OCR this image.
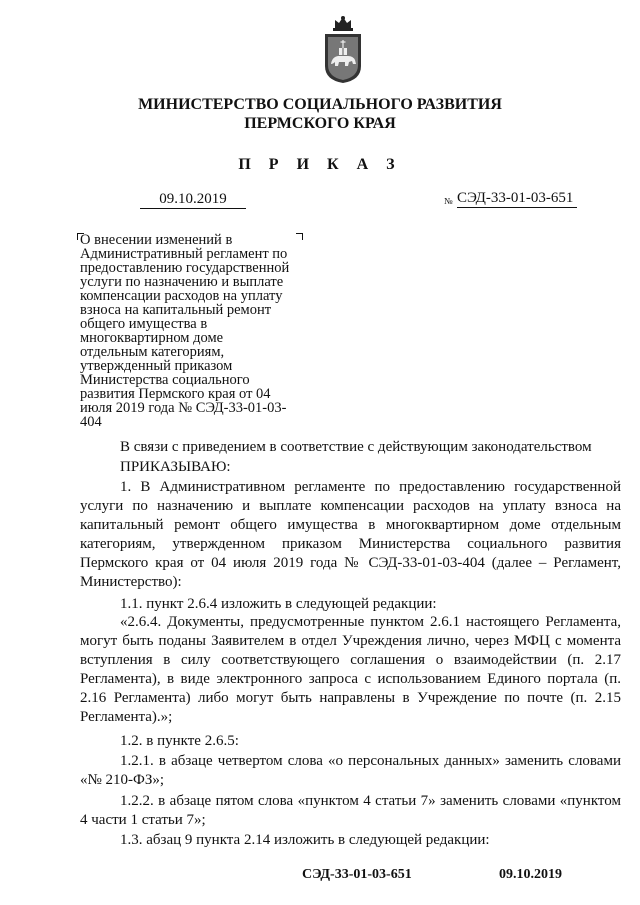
МИНИСТЕРСТВО СОЦИАЛЬНОГО РАЗВИТИЯ
ПЕРМСКОГО КРАЯ
П Р И К А З
09.10.2019	№ СЭД-33-01-03-651
О внесении изменений в
Административный регламент по
предоставлению государственной
услуги по назначению и выплате
компенсации расходов на уплату
взноса на капитальный ремонт
общего имущества в
многоквартирном доме
отдельным категориям,
утвержденный приказом
Министерства социального
развития Пермского края от 04
июля 2019 года № СЭД-33-01-03-
404
В связи с приведением в соответствие с действующим законодательством
ПРИКАЗЫВАЮ:
1. В Административном регламенте по предоставлению государственной услуги по назначению и выплате компенсации расходов на уплату взноса на капитальный ремонт общего имущества в многоквартирном доме отдельным категориям, утвержденном приказом Министерства социального развития Пермского края от 04 июля 2019 года № СЭД-33-01-03-404 (далее – Регламент, Министерство):
1.1. пункт 2.6.4 изложить в следующей редакции:
«2.6.4. Документы, предусмотренные пунктом 2.6.1 настоящего Регламента, могут быть поданы Заявителем в отдел Учреждения лично, через МФЦ с момента вступления в силу соответствующего соглашения о взаимодействии (п. 2.17 Регламента), в виде электронного запроса с использованием Единого портала (п. 2.16 Регламента) либо могут быть направлены в Учреждение по почте (п. 2.15 Регламента).»;
1.2. в пункте 2.6.5:
1.2.1. в абзаце четвертом слова «о персональных данных» заменить словами «№ 210-ФЗ»;
1.2.2. в абзаце пятом слова «пунктом 4 статьи 7» заменить словами «пунктом 4 части 1 статьи 7»;
1.3. абзац 9 пункта 2.14 изложить в следующей редакции:
СЭД-33-01-03-651	09.10.2019
